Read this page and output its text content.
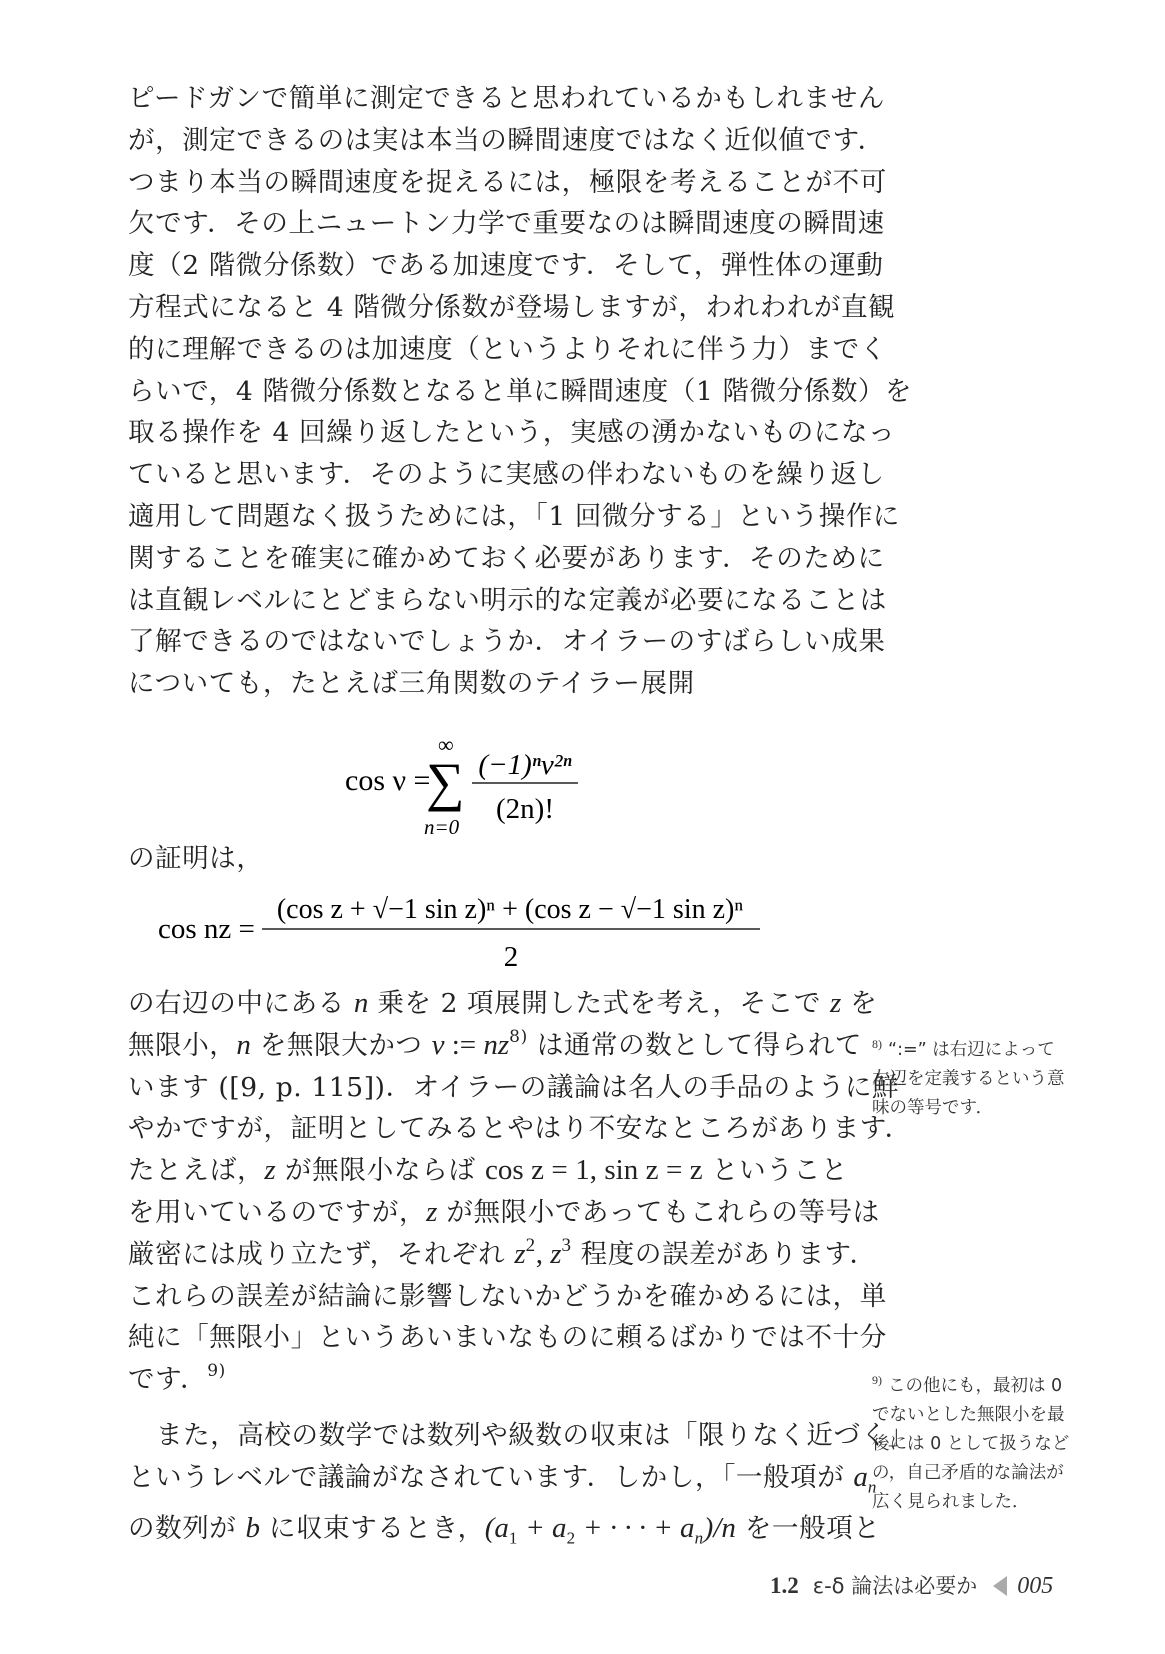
ピードガンで簡単に測定できると思われているかもしれません
が，測定できるのは実は本当の瞬間速度ではなく近似値です．
つまり本当の瞬間速度を捉えるには，極限を考えることが不可
欠です．その上ニュートン力学で重要なのは瞬間速度の瞬間速
度（2 階微分係数）である加速度です．そして，弾性体の運動
方程式になると 4 階微分係数が登場しますが，われわれが直観
的に理解できるのは加速度（というよりそれに伴う力）までく
らいで，4 階微分係数となると単に瞬間速度（1 階微分係数）を
取る操作を 4 回繰り返したという，実感の湧かないものになっ
ていると思います．そのように実感の伴わないものを繰り返し
適用して問題なく扱うためには，「1 回微分する」という操作に
関することを確実に確かめておく必要があります．そのために
は直観レベルにとどまらない明示的な定義が必要になることは
了解できるのではないでしょうか．オイラーのすばらしい成果
についても，たとえば三角関数のテイラー展開

cos ν =
∞
∑
n=0
(−1)ⁿν²ⁿ
(2n)!

の証明は，

cos nz =
(cos z + √−1 sin z)ⁿ + (cos z − √−1 sin z)ⁿ
2

の右辺の中にある n 乗を 2 項展開した式を考え，そこで z を
無限小，n を無限大かつ ν := nz$^{8)}$ は通常の数として得られて
います ([9, p. 115])．オイラーの議論は名人の手品のように鮮
やかですが，証明としてみるとやはり不安なところがあります．
たとえば，z が無限小ならば cos z = 1, sin z = z ということ
を用いているのですが，z が無限小であってもこれらの等号は
厳密には成り立たず，それぞれ $z^2$, $z^3$ 程度の誤差があります．
これらの誤差が結論に影響しないかどうかを確かめるには，単
純に「無限小」というあいまいなものに頼るばかりでは不十分
です．$^{9)}$

また，高校の数学では数列や級数の収束は「限りなく近づく」
というレベルで議論がなされています．しかし，「一般項が $a_n$
の数列が b に収束するとき，($a_1 + a_2$ + · · · + $a_n)/n$ を一般項と

$^{8)}$ “:=” は右辺によって
左辺を定義するという意
味の等号です．
$^{9)}$ この他にも，最初は 0
でないとした無限小を最
後には 0 として扱うなど
の，自己矛盾的な論法が
広く見られました．
1.2 ε-δ 論法は必要か 005
